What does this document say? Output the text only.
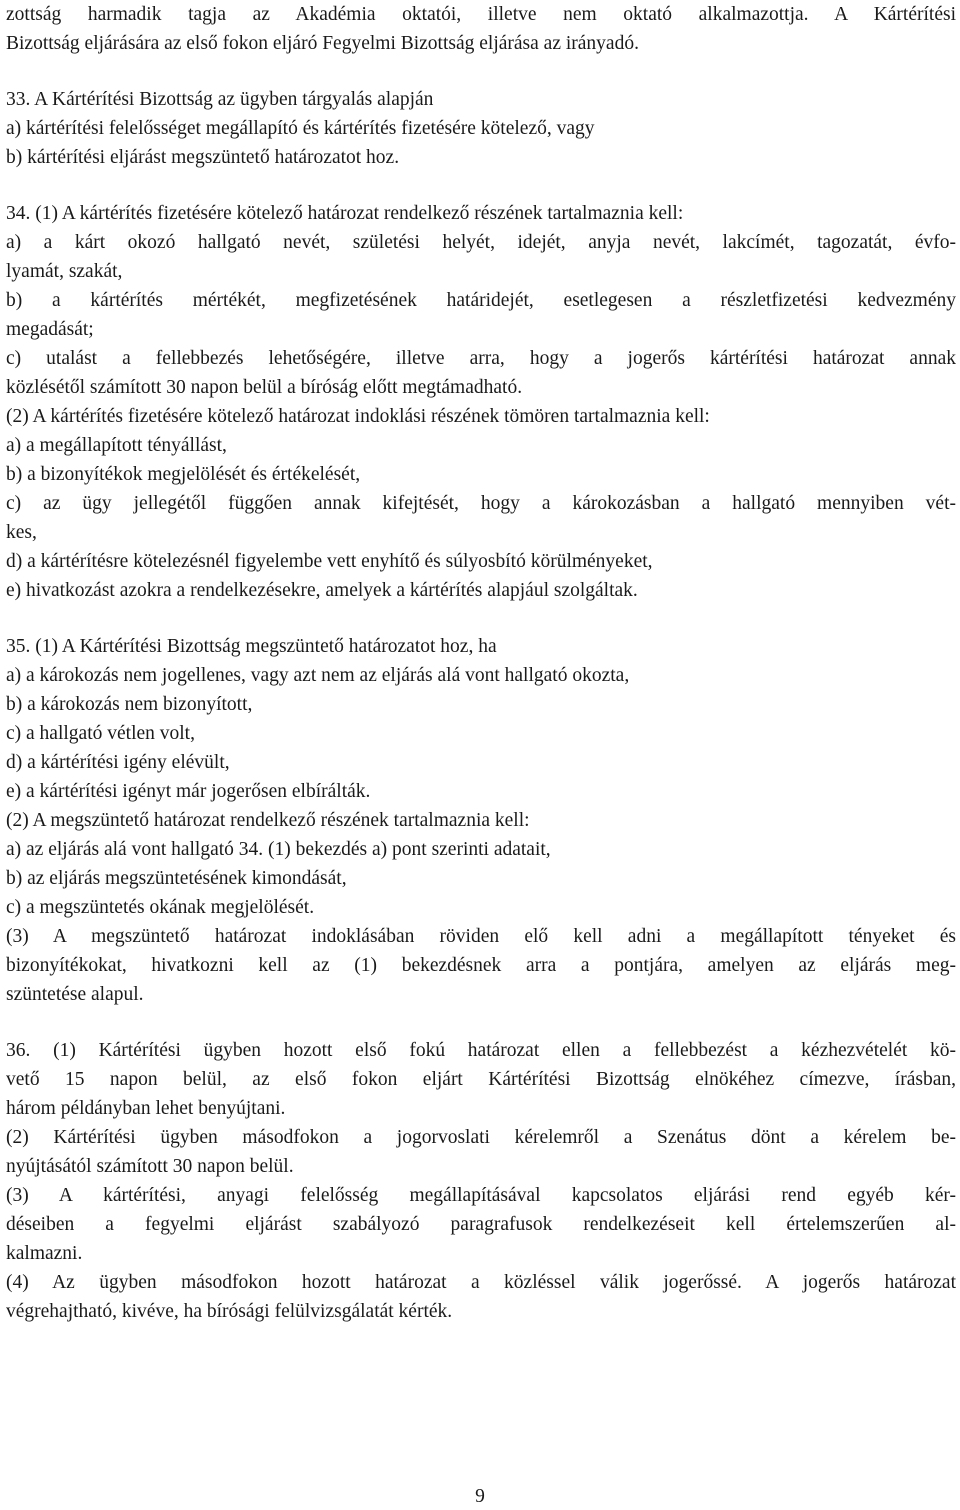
zottság harmadik tagja az Akadémia oktatói, illetve nem oktató alkalmazottja. A Kártérítési
Bizottság eljárására az első fokon eljáró Fegyelmi Bizottság eljárása az irányadó.
33. A Kártérítési Bizottság az ügyben tárgyalás alapján
a) kártérítési felelősséget megállapító és kártérítés fizetésére kötelező, vagy
b) kártérítési eljárást megszüntető határozatot hoz.
34. (1) A kártérítés fizetésére kötelező határozat rendelkező részének tartalmaznia kell:
a) a kárt okozó hallgató nevét, születési helyét, idejét, anyja nevét, lakcímét, tagozatát, évfo-
lyamát, szakát,
b) a kártérítés mértékét, megfizetésének határidejét, esetlegesen a részletfizetési kedvezmény
megadását;
c) utalást a fellebbezés lehetőségére, illetve arra, hogy a jogerős kártérítési határozat annak
közlésétől számított 30 napon belül a bíróság előtt megtámadható.
(2) A kártérítés fizetésére kötelező határozat indoklási részének tömören tartalmaznia kell:
a) a megállapított tényállást,
b) a bizonyítékok megjelölését és értékelését,
c) az ügy jellegétől függően annak kifejtését, hogy a károkozásban a hallgató mennyiben vét-
kes,
d) a kártérítésre kötelezésnél figyelembe vett enyhítő és súlyosbító körülményeket,
e) hivatkozást azokra a rendelkezésekre, amelyek a kártérítés alapjául szolgáltak.
35. (1) A Kártérítési Bizottság megszüntető határozatot hoz, ha
a) a károkozás nem jogellenes, vagy azt nem az eljárás alá vont hallgató okozta,
b) a károkozás nem bizonyított,
c) a hallgató vétlen volt,
d) a kártérítési igény elévült,
e) a kártérítési igényt már jogerősen elbírálták.
(2) A megszüntető határozat rendelkező részének tartalmaznia kell:
a) az eljárás alá vont hallgató 34. (1) bekezdés a) pont szerinti adatait,
b) az eljárás megszüntetésének kimondását,
c) a megszüntetés okának megjelölését.
(3) A megszüntető határozat indoklásában röviden elő kell adni a megállapított tényeket és
bizonyítékokat, hivatkozni kell az (1) bekezdésnek arra a pontjára, amelyen az eljárás meg-
szüntetése alapul.
36. (1) Kártérítési ügyben hozott első fokú határozat ellen a fellebbezést a kézhezvételét kö-
vető 15 napon belül, az első fokon eljárt Kártérítési Bizottság elnökéhez címezve, írásban,
három példányban lehet benyújtani.
(2) Kártérítési ügyben másodfokon a jogorvoslati kérelemről a Szenátus dönt a kérelem be-
nyújtásától számított 30 napon belül.
(3) A kártérítési, anyagi felelősség megállapításával kapcsolatos eljárási rend egyéb kér-
déseiben a fegyelmi eljárást szabályozó paragrafusok rendelkezéseit kell értelemszerűen al-
kalmazni.
(4) Az ügyben másodfokon hozott határozat a közléssel válik jogerőssé. A jogerős határozat
végrehajtható, kivéve, ha bírósági felülvizsgálatát kérték.
9
